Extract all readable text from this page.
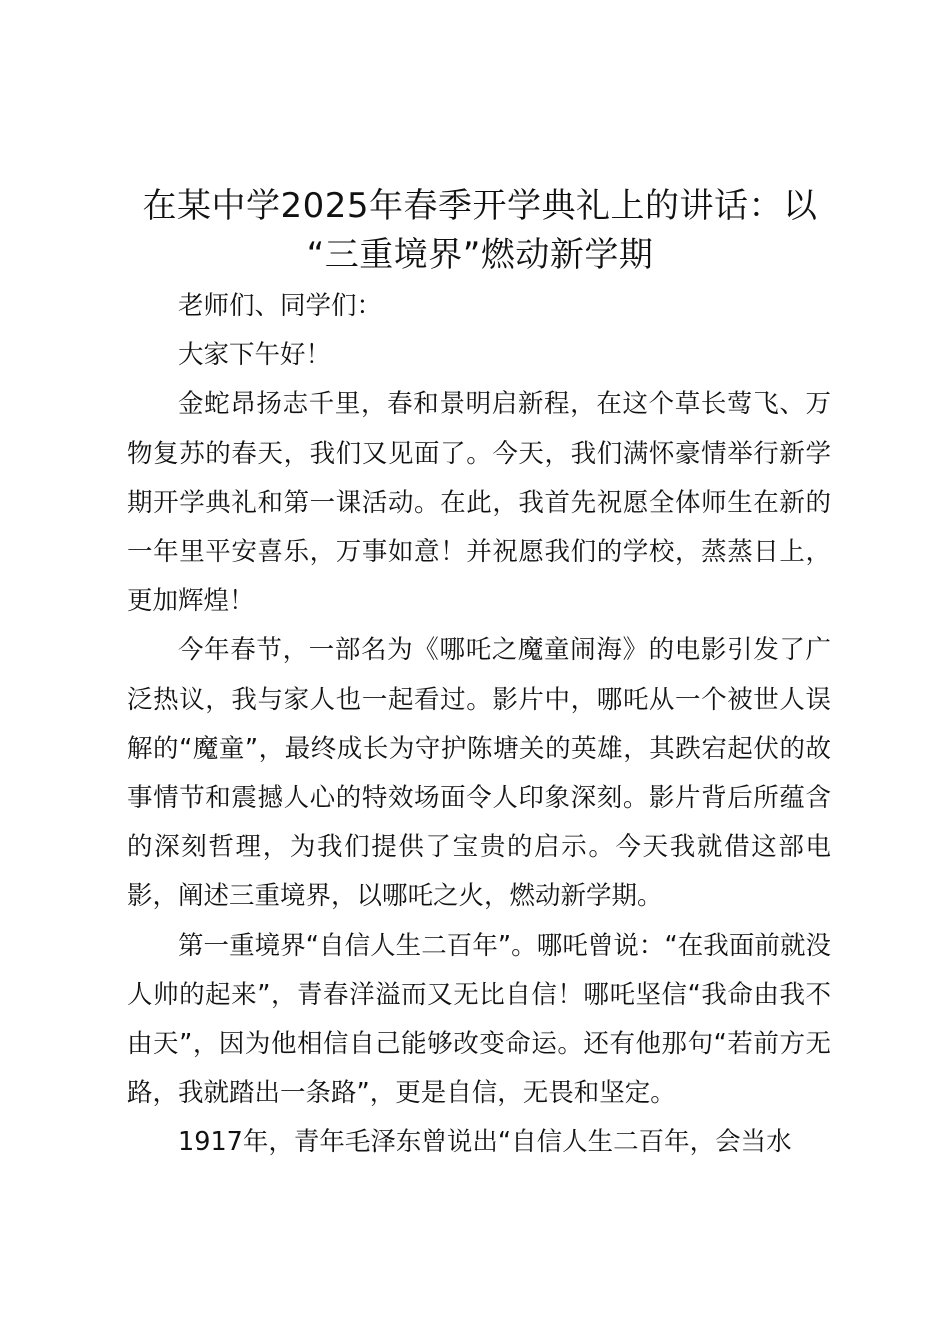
在某中学2025年春季开学典礼上的讲话：以
“三重境界”燃动新学期

老师们、同学们：

大家下午好！

金蛇昂扬志千里，春和景明启新程，在这个草长莺飞、万物复苏的春天，我们又见面了。今天，我们满怀豪情举行新学期开学典礼和第一课活动。在此，我首先祝愿全体师生在新的一年里平安喜乐，万事如意！并祝愿我们的学校，蒸蒸日上，更加辉煌！

今年春节，一部名为《哪吒之魔童闹海》的电影引发了广泛热议，我与家人也一起看过。影片中，哪吒从一个被世人误解的“魔童”，最终成长为守护陈塘关的英雄，其跌宕起伏的故事情节和震撼人心的特效场面令人印象深刻。影片背后所蕴含的深刻哲理，为我们提供了宝贵的启示。今天我就借这部电影，阐述三重境界，以哪吒之火，燃动新学期。

第一重境界“自信人生二百年”。哪吒曾说：“在我面前就没人帅的起来”，青春洋溢而又无比自信！哪吒坚信“我命由我不由天”，因为他相信自己能够改变命运。还有他那句“若前方无路，我就踏出一条路”，更是自信，无畏和坚定。

1917年，青年毛泽东曾说出“自信人生二百年，会当水
